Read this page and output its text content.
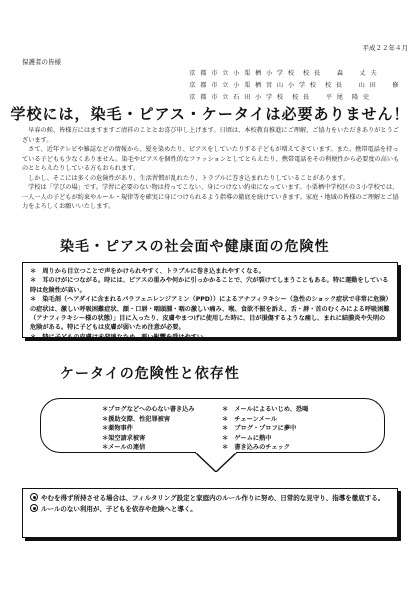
平成２２年４月
保護者の皆様
京 都 市 立 小 栗 栖 小 学 校　校 長　　森　　丈 夫
京 都 市 立 小 栗 栖 宮 山 小 学 校　校 長　　山 田　　修
京 都 市 立 石 田 小 学 校　校 長　　平 尾　隆 史
学校には，染毛・ピアス・ケータイは必要ありません！

　早春の候、皆様方にはますますご清祥のこととお喜び申し上げます。日頃は、本校教育推進にご理解、ご協力をいただきありがとうございます。

　さて、近年テレビや雑誌などの情報から、髪を染めたり、ピアスをしていたりする子どもが増えてきています。また、携帯電話を持っている子どもも少なくありません。染毛やピアスを個性的なファッションとしてとらえたり、携帯電話をその利便性から必要度の高いものととらえたりしている方もおられます。

　しかし、そこには多くの危険性があり、生活習慣が乱れたり、トラブルに巻き込まれたりしていることがあります。

　学校は「学びの場」です。学習に必要のない物は持ってこない、身につけない約束になっています。小栗栖中学校区の３小学校では、一人一人の子どもが約束やルール・規律等を確実に身につけられるよう指導の徹底を続けていきます。家庭・地域の皆様のご理解とご協力をよろしくお願いいたします。

染毛・ピアスの社会面や健康面の危険性

＊　周りから目立つことで声をかけられやすく、トラブルに巻き込まれやすくなる。

＊　耳のけがにつながる。時には、ピアスの重みや何かに引っかかることで、穴が裂けてしまうこともある。特に運動をしている時は危険性が高い。

＊　染毛剤（ヘアダイに含まれるパラフェニレンジアミン（PPD））によるアナフィラキシー（急性のショック症状で非常に危険）の症状は、激しい呼吸困難症状、顔・口唇・咽頭腫・咽の激しい痛み、喉、食欲不振を訴え、舌・唇・首のむくみによる呼吸困難（アナフィラキシー様の状態）」目に入ったり、皮膚やまつげに使用した時に、目が損傷するような痛し、まれに結膜炎や失明の危険がある。特に子どもは皮膚が弱いため注意が必要。

＊　特に子どもの皮膚は未発達なため、悪い影響を受けやすい。

ケータイの危険性と依存性
＊プログなどへの心ない書き込み
＊援助交際、性犯罪被害
＊薬物事件
＊架空請求被害
＊メールの連信
＊　メールによるいじめ、恐喝
＊　チェーンメール
＊　ブログ・プロフに夢中
＊　ゲームに熱中
＊　書き込みのチェック

やむを得ず所持させる場合は、フィルタリング設定と家庭内のルール作りに努め、日常的な見守り、指導を徹底する。

ルールのない利用が、子どもを依存や危険へと導く。
